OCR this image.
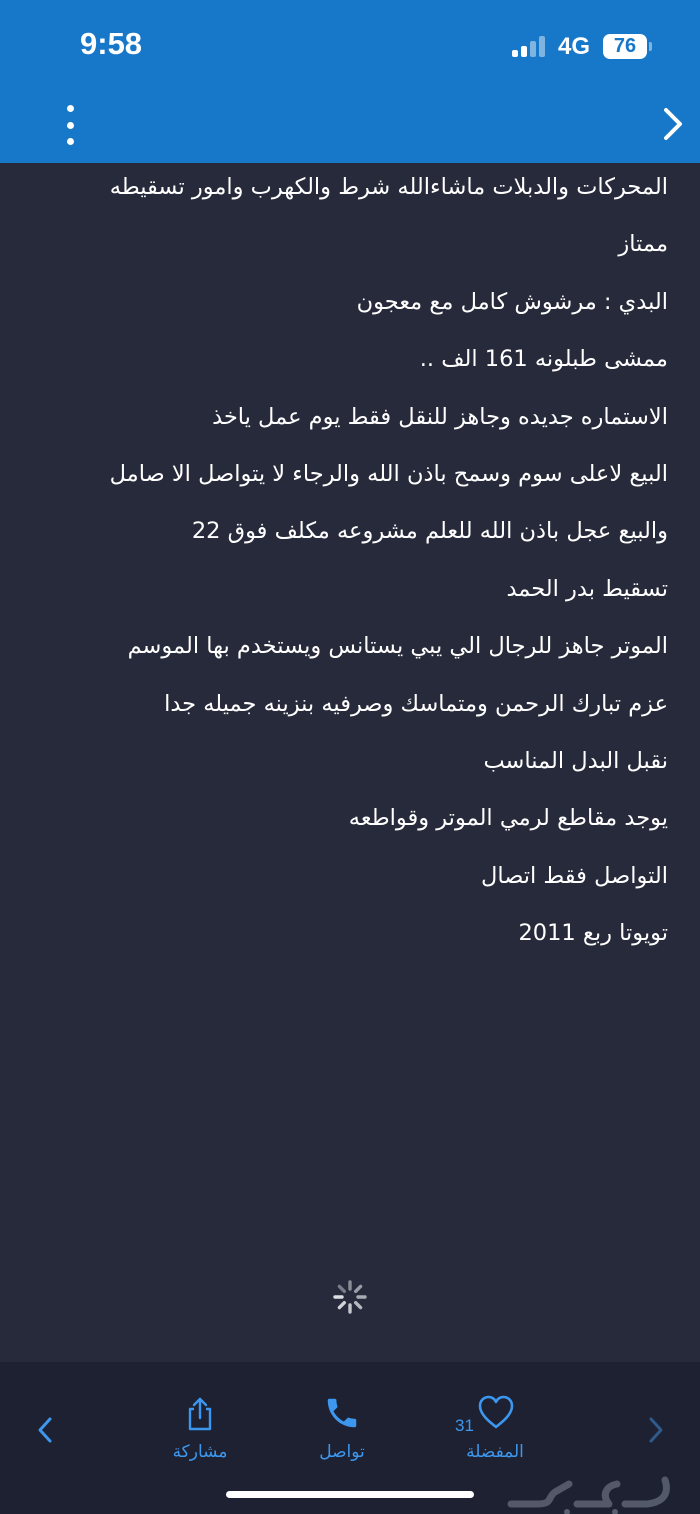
المحركات والدبلات ماشاءالله شرط والكهرب وامور تسقيطه
ممتاز
البدي : مرشوش كامل مع معجون
ممشى طبلونه 161 الف ..
الاستماره جديده وجاهز للنقل فقط يوم عمل ياخذ
البيع لاعلى سوم وسمح باذن الله والرجاء لا يتواصل الا صامل
والبيع عجل باذن الله للعلم مشروعه مكلف فوق 22
تسقيط بدر الحمد
الموتر جاهز للرجال الي يبي يستانس ويستخدم بها الموسم
عزم تبارك الرحمن ومتماسك وصرفيه بنزينه جميله جدا
نقبل البدل المناسب
يوجد مقاطع لرمي الموتر وقواطعه
التواصل فقط اتصال
تويوتا ربع 2011
9:58	4G	76
مشاركة	تواصل
31
المفضلة
